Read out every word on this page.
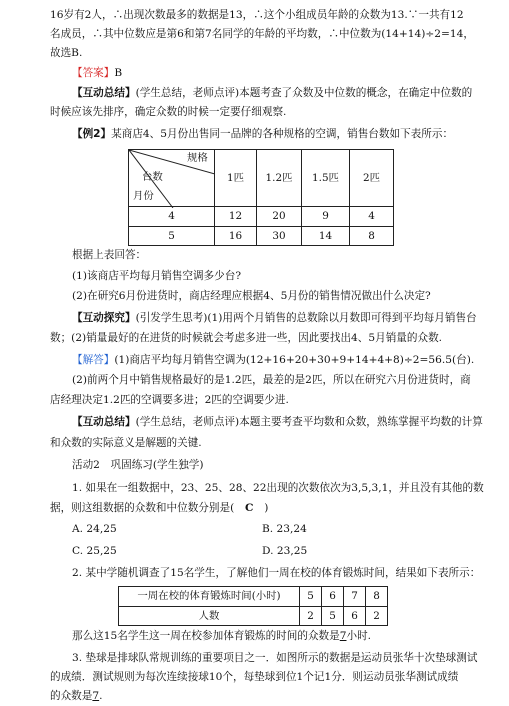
16岁有2人，∴出现次数最多的数据是13，∴这个小组成员年龄的众数为13.∵一共有12
名成员，∴其中位数应是第6和第7名同学的年龄的平均数，∴中位数为(14+14)÷2=14，
故选B.
【答案】B
【互动总结】(学生总结，老师点评)本题考查了众数及中位数的概念，在确定中位数的
时候应该先排序，确定众数的时候一定要仔细观察.
【例2】某商店4、5月份出售同一品牌的各种规格的空调，销售台数如下表所示：
规格
台数
月份	1匹	1.2匹	1.5匹	2匹
4	12	20	9	4
5	16	30	14	8
根据上表回答：
(1)该商店平均每月销售空调多少台?
(2)在研究6月份进货时，商店经理应根据4、5月份的销售情况做出什么决定?
【互动探究】(引发学生思考)(1)用两个月销售的总数除以月数即可得到平均每月销售台
数；(2)销量最好的在进货的时候就会考虑多进一些，因此要找出4、5月销量的众数.
【解答】(1)商店平均每月销售空调为(12+16+20+30+9+14+4+8)÷2=56.5(台).
(2)前两个月中销售规格最好的是1.2匹，最差的是2匹，所以在研究六月份进货时，商
店经理决定1.2匹的空调要多进；2匹的空调要少进.
【互动总结】(学生总结，老师点评)本题主要考查平均数和众数，熟练掌握平均数的计算
和众数的实际意义是解题的关键.
活动2　巩固练习(学生独学)
1. 如果在一组数据中，23、25、28、22出现的次数依次为3,5,3,1，并且没有其他的数
据，则这组数据的众数和中位数分别是( C )
A. 24,25	B. 23,24
C. 25,25	D. 23,25
2. 某中学随机调查了15名学生，了解他们一周在校的体育锻炼时间，结果如下表所示：
一周在校的体育锻炼时间(小时)	5	6	7	8
人数	2	5	6	2
那么这15名学生这一周在校参加体育锻炼的时间的众数是7小时.
3. 垫球是排球队常规训练的重要项目之一．如图所示的数据是运动员张华十次垫球测试
的成绩．测试规则为每次连续接球10个，每垫球到位1个记1分．则运动员张华测试成绩
的众数是7.
